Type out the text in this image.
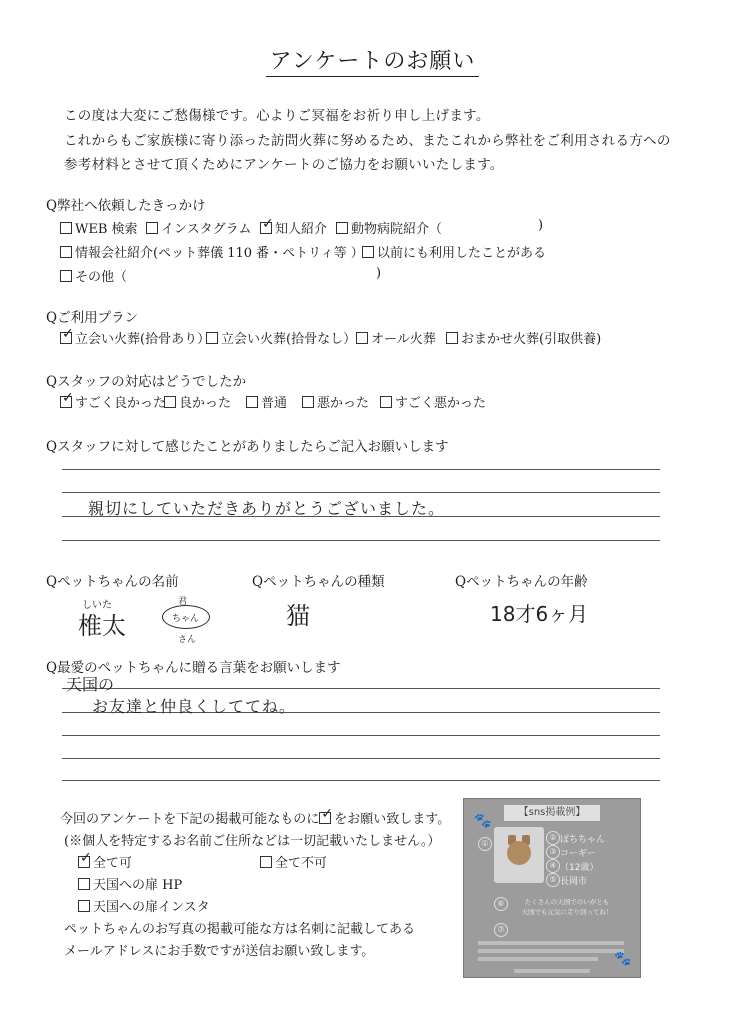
アンケートのお願い
この度は大変にご愁傷様です。心よりご冥福をお祈り申し上げます。
これからもご家族様に寄り添った訪問火葬に努めるため、またこれから弊社をご利用される方への
参考材料とさせて頂くためにアンケートのご協力をお願いいたします。
Q弊社へ依頼したきっかけ
WEB 検索	インスタグラム ✓ 知人紹介	動物病院紹介（	)
情報会社紹介(ペット葬儀 110 番・ペトリィ等 ）	以前にも利用したことがある
その他（	)
Qご利用プラン
✓ 立会い火葬(拾骨あり） 立会い火葬(拾骨なし）	オール火葬	おまかせ火葬(引取供養)
Qスタッフの対応はどうでしたか
✓ すごく良かった 良かった	普通	悪かった	すごく悪かった
Qスタッフに対して感じたことがありましたらご記入お願いします
親切にしていただきありがとうございました。
Qペットちゃんの名前	Qペットちゃんの種類	Qペットちゃんの年齢
しいた
椎太
君
ちゃん
さん
猫	18才6ヶ月
Q最愛のペットちゃんに贈る言葉をお願いします
天国の
お友達と仲良くしててね。
今回のアンケートを下記の掲載可能なものに ✓ をお願い致します。
(※個人を特定するお名前ご住所などは一切記載いたしません。）
✓ 全て可	全て不可
天国への扉 HP
天国への扉インスタ
ペットちゃんのお写真の掲載可能な方は名刺に記載してある
メールアドレスにお手数ですが送信お願い致します。
【sns掲載例】
🐾
①
② ぽちちゃん
③ コーギー
④ （12歳）
⑤ 長岡市
⑥	たくさんの天国でのいがとも
天国でも元気に走り回ってね！
⑦
🐾
